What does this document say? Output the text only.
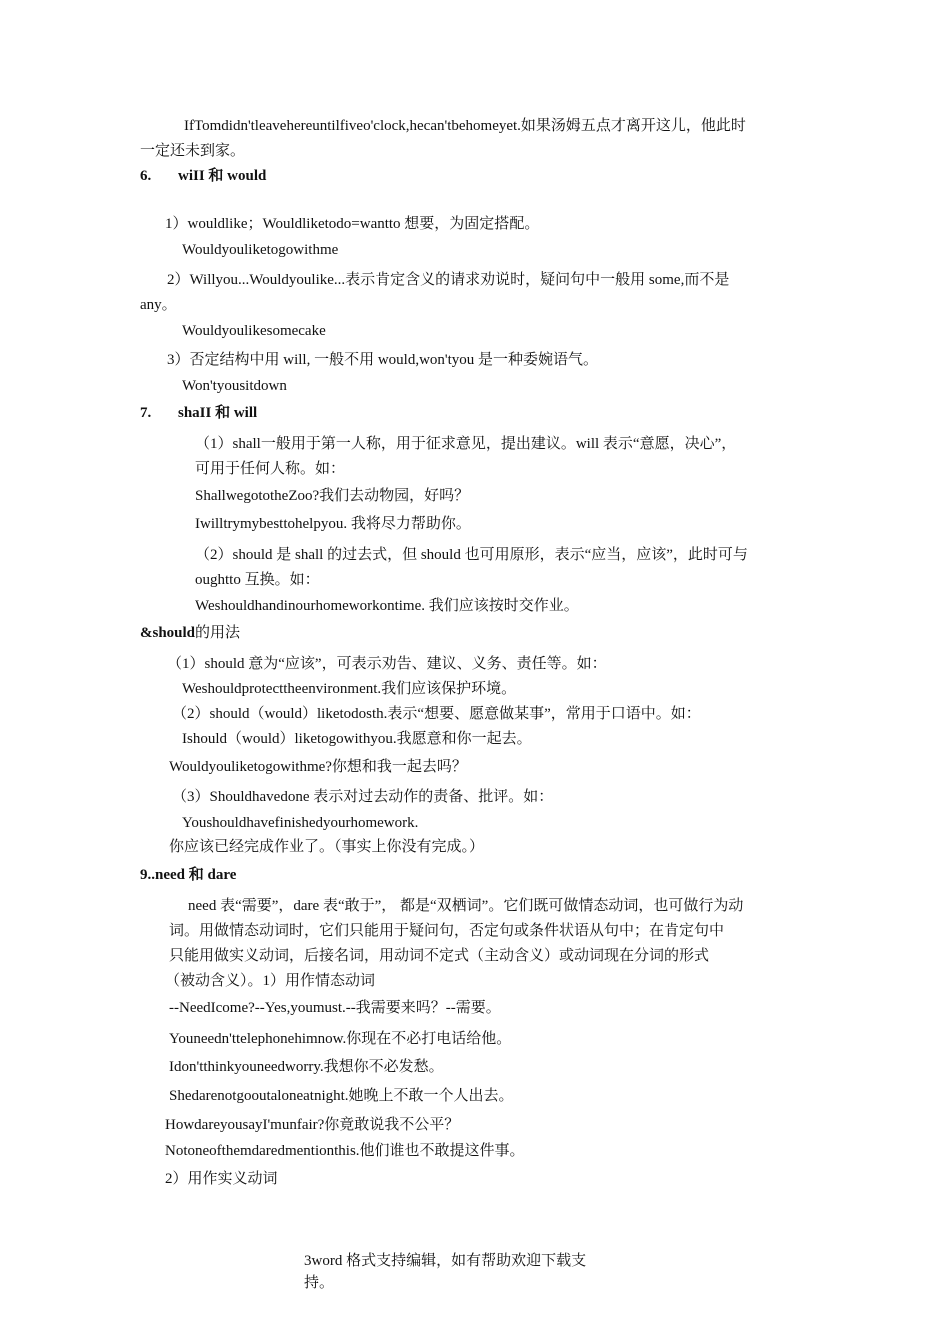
IfTomdidn'tleavehereuntilfiveo'clock,hecan'tbehomeyet.如果汤姆五点才离开这儿，他此时
一定还未到家。
6. wiII 和 would
1）wouldlike；Wouldliketodo=wantto 想要，为固定搭配。
Wouldyouliketogowithme
2）Willyou...Wouldyoulike...表示肯定含义的请求劝说时，疑问句中一般用 some,而不是
any。
Wouldyoulikesomecake
3）否定结构中用 will, 一般不用 would,won'tyou 是一种委婉语气。
Won'tyousitdown
7. shaII 和 will
（1）shall一般用于第一人称，用于征求意见，提出建议。will 表示“意愿，决心”，
可用于任何人称。如：
ShallwegototheZoo?我们去动物园，好吗？
Iwilltrymybesttohelpyou. 我将尽力帮助你。
（2）should 是 shall 的过去式，但 should 也可用原形，表示“应当，应该”，此时可与
oughtto 互换。如：
Weshouldhandinourhomeworkontime. 我们应该按时交作业。
&should的用法
（1）should 意为“应该”，可表示劝告、建议、义务、责任等。如：
Weshouldprotecttheenvironment.我们应该保护环境。
（2）should（would）liketodosth.表示“想要、愿意做某事”，常用于口语中。如：
Ishould（would）liketogowithyou.我愿意和你一起去。
Wouldyouliketogowithme?你想和我一起去吗？
（3）Shouldhavedone 表示对过去动作的责备、批评。如：
Youshouldhavefinishedyourhomework.
你应该已经完成作业了。（事实上你没有完成。）
9..need 和 dare
need 表“需要”，dare 表“敢于”， 都是“双栖词”。它们既可做情态动词，也可做行为动
词。用做情态动词时，它们只能用于疑问句，否定句或条件状语从句中；在肯定句中
只能用做实义动词，后接名词，用动词不定式（主动含义）或动词现在分词的形式
（被动含义）。1）用作情态动词
--NeedIcome?--Yes,youmust.--我需要来吗？--需要。
Youneedn'ttelephonehimnow.你现在不必打电话给他。
Idon'tthinkyouneedworry.我想你不必发愁。
Shedarenotgooutaloneatnight.她晚上不敢一个人出去。
HowdareyousayI'munfair?你竟敢说我不公平？
Notoneofthemdaredmentionthis.他们谁也不敢提这件事。
2）用作实义动词
3word 格式支持编辑，如有帮助欢迎下载支
持。
